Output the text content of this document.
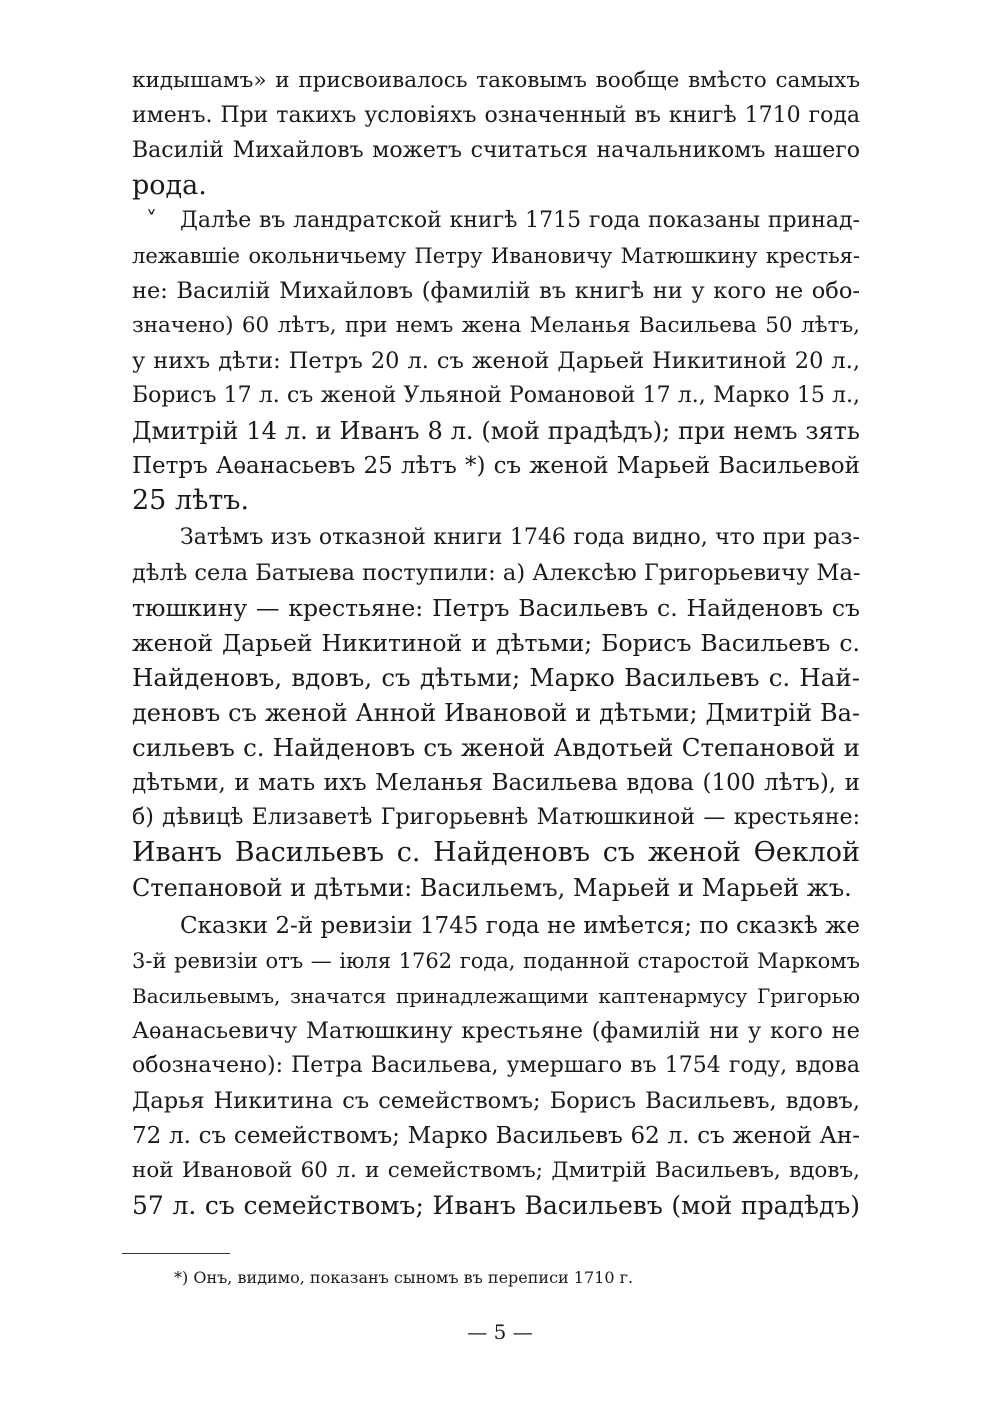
кидышамъ» и присвоивалось таковымъ вообще вмѣсто самыхъ
именъ. При такихъ условiяхъ означенный въ книгѣ 1710 года
Василiй Михайловъ можетъ считаться начальникомъ нашего
рода.
˅ Далѣе въ ландратской книгѣ 1715 года показаны принад-
лежавшiе окольничьему Петру Ивановичу Матюшкину крестья-
не: Василiй Михайловъ (фамилiй въ книгѣ ни у кого не обо-
значено) 60 лѣтъ, при немъ жена Меланья Васильева 50 лѣтъ,
у нихъ дѣти: Петръ 20 л. съ женой Дарьей Никитиной 20 л.,
Борисъ 17 л. съ женой Ульяной Романовой 17 л., Марко 15 л.,
Дмитрiй 14 л. и Иванъ 8 л. (мой прадѣдъ); при немъ зять
Петръ Аѳанасьевъ 25 лѣтъ *) съ женой Марьей Васильевой
25 лѣтъ.
Затѣмъ изъ отказной книги 1746 года видно, что при раз-
дѣлѣ села Батыева поступили: а) Алексѣю Григорьевичу Ма-
тюшкину — крестьяне: Петръ Васильевъ с. Найденовъ съ
женой Дарьей Никитиной и дѣтьми; Борисъ Васильевъ с.
Найденовъ, вдовъ, съ дѣтьми; Марко Васильевъ с. Най-
деновъ съ женой Анной Ивановой и дѣтьми; Дмитрiй Ва-
сильевъ с. Найденовъ съ женой Авдотьей Степановой и
дѣтьми, и мать ихъ Меланья Васильева вдова (100 лѣтъ), и
б) дѣвицѣ Елизаветѣ Григорьевнѣ Матюшкиной — крестьяне:
Иванъ Васильевъ с. Найденовъ съ женой Ѳеклой
Степановой и дѣтьми: Васильемъ, Марьей и Марьей жъ.
Сказки 2-й ревизiи 1745 года не имѣется; по сказкѣ же
3-й ревизiи отъ — iюля 1762 года, поданной старостой Маркомъ
Васильевымъ, значатся принадлежащими каптенармусу Григорью
Аѳанасьевичу Матюшкину крестьяне (фамилiй ни у кого не
обозначено): Петра Васильева, умершаго въ 1754 году, вдова
Дарья Никитина съ семействомъ; Борисъ Васильевъ, вдовъ,
72 л. съ семействомъ; Марко Васильевъ 62 л. съ женой Ан-
ной Ивановой 60 л. и семействомъ; Дмитрiй Васильевъ, вдовъ,
57 л. съ семействомъ; Иванъ Васильевъ (мой прадѣдъ)
*) Онъ, видимо, показанъ сыномъ въ переписи 1710 г.
— 5 —
